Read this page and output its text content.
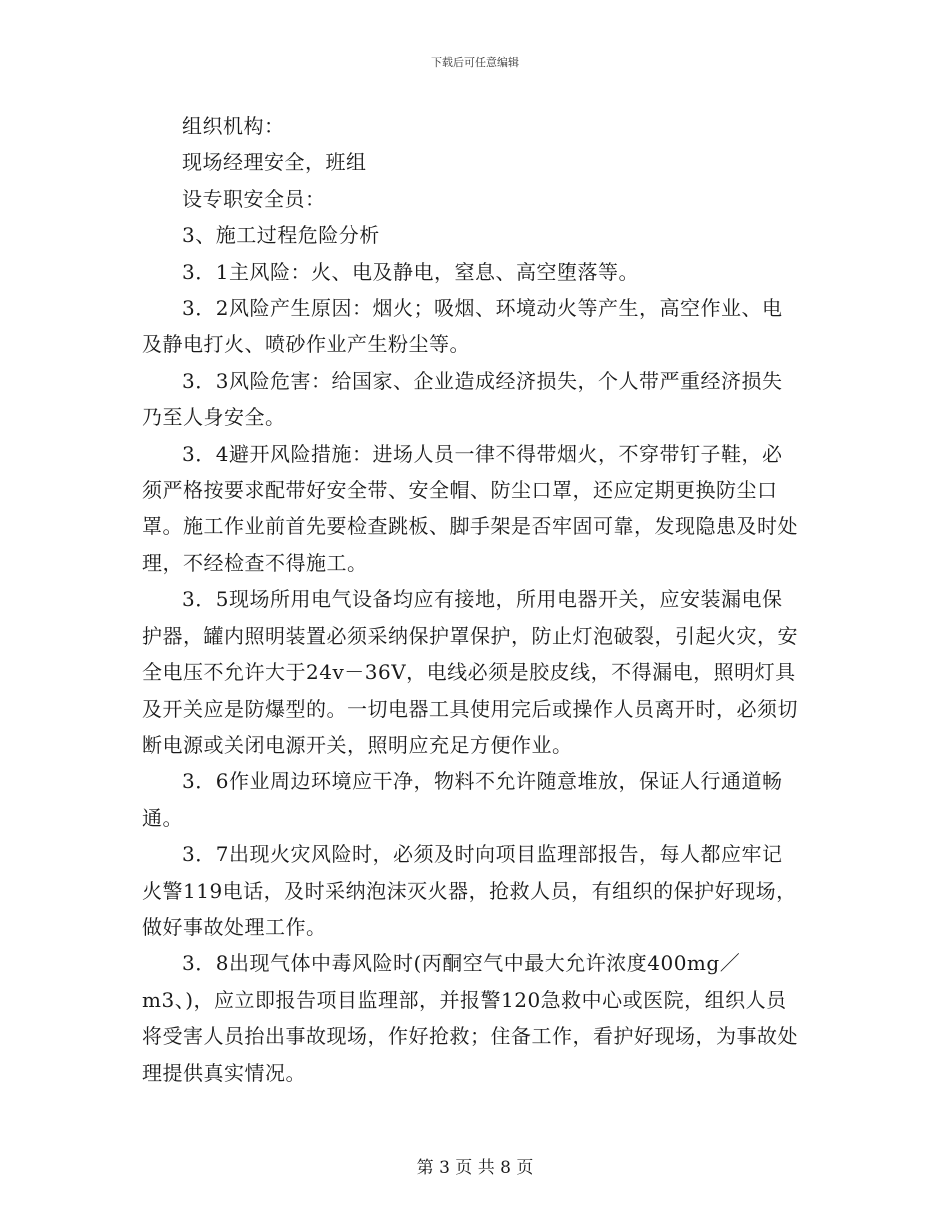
下载后可任意编辑

组织机构：

现场经理安全，班组

设专职安全员：

3、施工过程危险分析

3．1主风险：火、电及静电，窒息、高空堕落等。

3．2风险产生原因：烟火；吸烟、环境动火等产生，高空作业、电及静电打火、喷砂作业产生粉尘等。

3．3风险危害：给国家、企业造成经济损失，个人带严重经济损失乃至人身安全。

3．4避开风险措施：进场人员一律不得带烟火，不穿带钉子鞋，必须严格按要求配带好安全带、安全帽、防尘口罩，还应定期更换防尘口罩。施工作业前首先要检查跳板、脚手架是否牢固可靠，发现隐患及时处理，不经检查不得施工。

3．5现场所用电气设备均应有接地，所用电器开关，应安装漏电保护器，罐内照明装置必须采纳保护罩保护，防止灯泡破裂，引起火灾，安全电压不允许大于24v－36V，电线必须是胶皮线，不得漏电，照明灯具及开关应是防爆型的。一切电器工具使用完后或操作人员离开时，必须切断电源或关闭电源开关，照明应充足方便作业。

3．6作业周边环境应干净，物料不允许随意堆放，保证人行通道畅通。

3．7出现火灾风险时，必须及时向项目监理部报告，每人都应牢记火警119电话，及时采纳泡沫灭火器，抢救人员，有组织的保护好现场，做好事故处理工作。

3．8出现气体中毒风险时(丙酮空气中最大允许浓度400mg／m3、)，应立即报告项目监理部，并报警120急救中心或医院，组织人员将受害人员抬出事故现场，作好抢救；住备工作，看护好现场，为事故处理提供真实情况。

第 3 页 共 8 页
